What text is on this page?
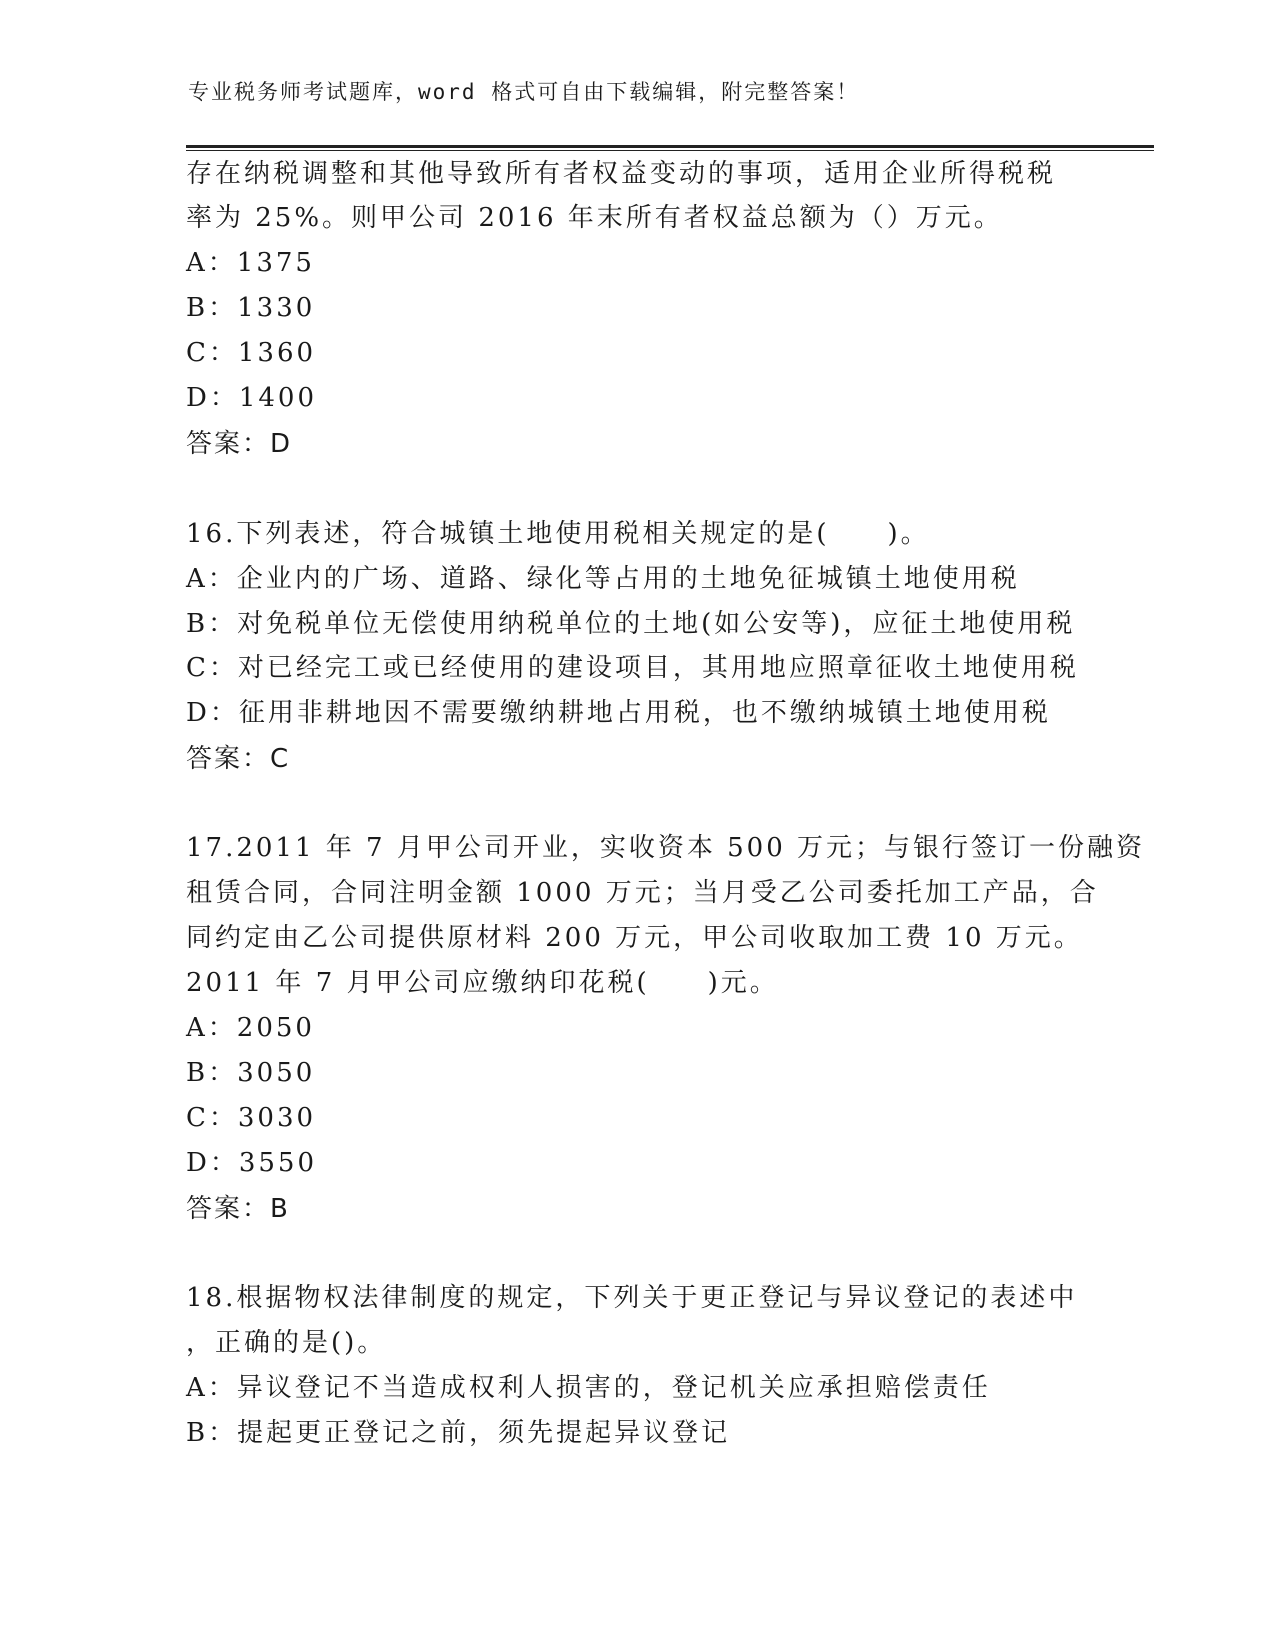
专业税务师考试题库，word 格式可自由下载编辑，附完整答案！
存在纳税调整和其他导致所有者权益变动的事项，适用企业所得税税
率为 25%。则甲公司 2016 年末所有者权益总额为（）万元。
A：1375
B：1330
C：1360
D：1400
答案：D
16.下列表述，符合城镇土地使用税相关规定的是(　　)。
A：企业内的广场、道路、绿化等占用的土地免征城镇土地使用税
B：对免税单位无偿使用纳税单位的土地(如公安等)，应征土地使用税
C：对已经完工或已经使用的建设项目，其用地应照章征收土地使用税
D：征用非耕地因不需要缴纳耕地占用税，也不缴纳城镇土地使用税
答案：C
17.2011 年 7 月甲公司开业，实收资本 500 万元；与银行签订一份融资
租赁合同，合同注明金额 1000 万元；当月受乙公司委托加工产品，合
同约定由乙公司提供原材料 200 万元，甲公司收取加工费 10 万元。
2011 年 7 月甲公司应缴纳印花税(　　)元。
A：2050
B：3050
C：3030
D：3550
答案：B
18.根据物权法律制度的规定，下列关于更正登记与异议登记的表述中
，正确的是()。
A：异议登记不当造成权利人损害的，登记机关应承担赔偿责任
B：提起更正登记之前，须先提起异议登记
